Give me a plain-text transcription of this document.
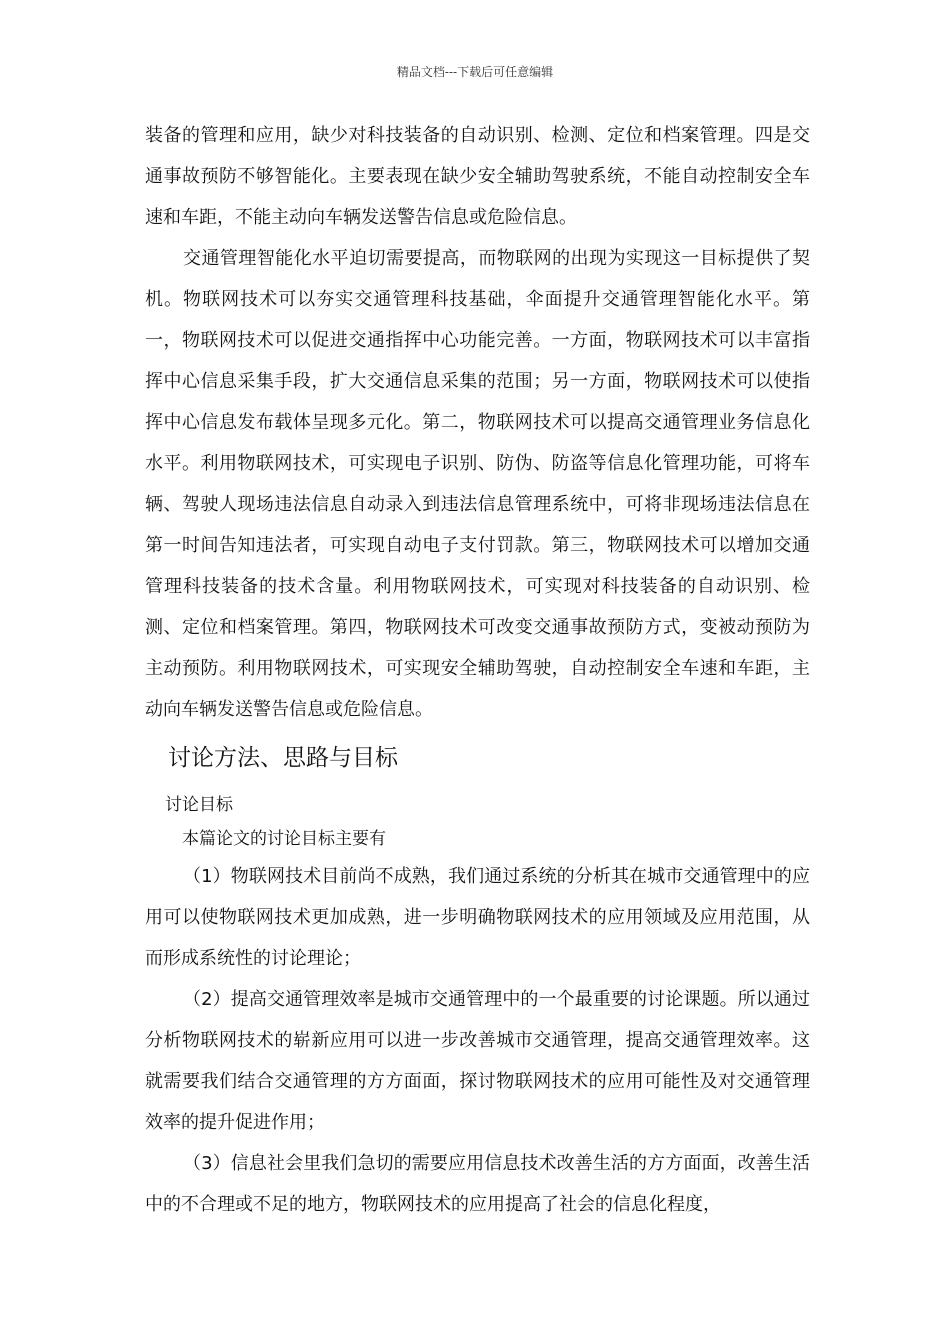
精品文档---下载后可任意编辑

装备的管理和应用，缺少对科技装备的自动识别、检测、定位和档案管理。四是交通事故预防不够智能化。主要表现在缺少安全辅助驾驶系统，不能自动控制安全车速和车距，不能主动向车辆发送警告信息或危险信息。

交通管理智能化水平迫切需要提高，而物联网的出现为实现这一目标提供了契机。物联网技术可以夯实交通管理科技基础，伞面提升交通管理智能化水平。第一，物联网技术可以促进交通指挥中心功能完善。一方面，物联网技术可以丰富指挥中心信息采集手段，扩大交通信息采集的范围；另一方面，物联网技术可以使指挥中心信息发布载体呈现多元化。第二，物联网技术可以提高交通管理业务信息化水平。利用物联网技术，可实现电子识别、防伪、防盗等信息化管理功能，可将车辆、驾驶人现场违法信息自动录入到违法信息管理系统中，可将非现场违法信息在第一时间告知违法者，可实现自动电子支付罚款。第三，物联网技术可以增加交通管理科技装备的技术含量。利用物联网技术，可实现对科技装备的自动识别、检测、定位和档案管理。第四，物联网技术可改变交通事故预防方式，变被动预防为主动预防。利用物联网技术，可实现安全辅助驾驶，自动控制安全车速和车距，主动向车辆发送警告信息或危险信息。

讨论方法、思路与目标
讨论目标
本篇论文的讨论目标主要有

（1）物联网技术目前尚不成熟，我们通过系统的分析其在城市交通管理中的应用可以使物联网技术更加成熟，进一步明确物联网技术的应用领域及应用范围，从而形成系统性的讨论理论；

（2）提高交通管理效率是城市交通管理中的一个最重要的讨论课题。所以通过分析物联网技术的崭新应用可以进一步改善城市交通管理，提高交通管理效率。这就需要我们结合交通管理的方方面面，探讨物联网技术的应用可能性及对交通管理效率的提升促进作用；

（3）信息社会里我们急切的需要应用信息技术改善生活的方方面面，改善生活中的不合理或不足的地方，物联网技术的应用提高了社会的信息化程度，
